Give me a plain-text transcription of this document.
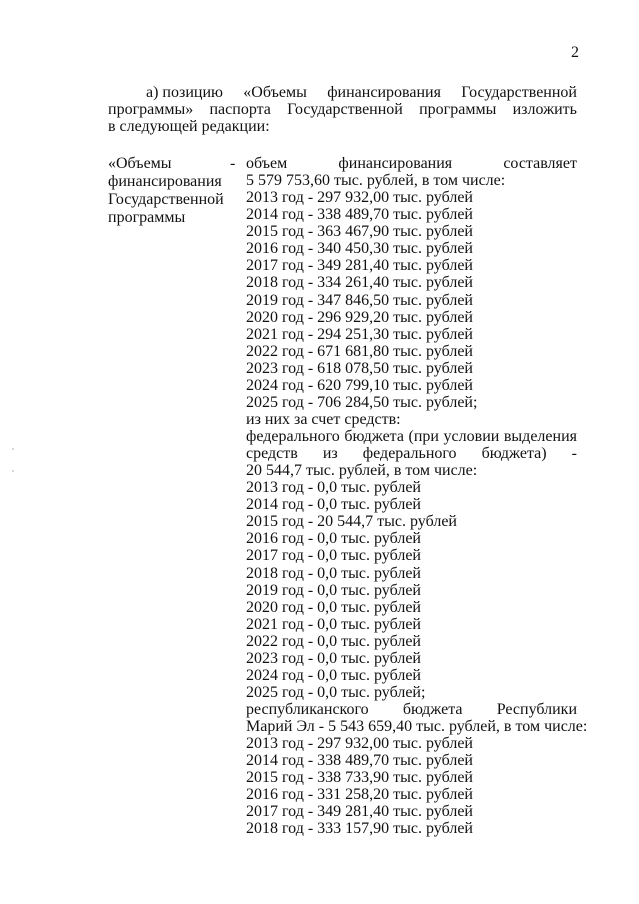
2
а) позицию «Объемы финансирования Государственной
программы» паспорта Государственной программы изложить
в следующей редакции:
«Объемы
финансирования
Государственной
программы
- объем	финансирования	составляет
5 579 753,60 тыс. рублей, в том числе:
2013 год - 297 932,00 тыс. рублей
2014 год - 338 489,70 тыс. рублей
2015 год - 363 467,90 тыс. рублей
2016 год - 340 450,30 тыс. рублей
2017 год - 349 281,40 тыс. рублей
2018 год - 334 261,40 тыс. рублей
2019 год - 347 846,50 тыс. рублей
2020 год - 296 929,20 тыс. рублей
2021 год - 294 251,30 тыс. рублей
2022 год - 671 681,80 тыс. рублей
2023 год - 618 078,50 тыс. рублей
2024 год - 620 799,10 тыс. рублей
2025 год - 706 284,50 тыс. рублей;
из них за счет средств:
федерального бюджета (при условии выделения
средств из федерального бюджета) -
20 544,7 тыс. рублей, в том числе:
2013 год - 0,0 тыс. рублей
2014 год - 0,0 тыс. рублей
2015 год - 20 544,7 тыс. рублей
2016 год - 0,0 тыс. рублей
2017 год - 0,0 тыс. рублей
2018 год - 0,0 тыс. рублей
2019 год - 0,0 тыс. рублей
2020 год - 0,0 тыс. рублей
2021 год - 0,0 тыс. рублей
2022 год - 0,0 тыс. рублей
2023 год - 0,0 тыс. рублей
2024 год - 0,0 тыс. рублей
2025 год - 0,0 тыс. рублей;
республиканского бюджета Республики
Марий Эл - 5 543 659,40 тыс. рублей, в том числе:
2013 год - 297 932,00 тыс. рублей
2014 год - 338 489,70 тыс. рублей
2015 год - 338 733,90 тыс. рублей
2016 год - 331 258,20 тыс. рублей
2017 год - 349 281,40 тыс. рублей
2018 год - 333 157,90 тыс. рублей
